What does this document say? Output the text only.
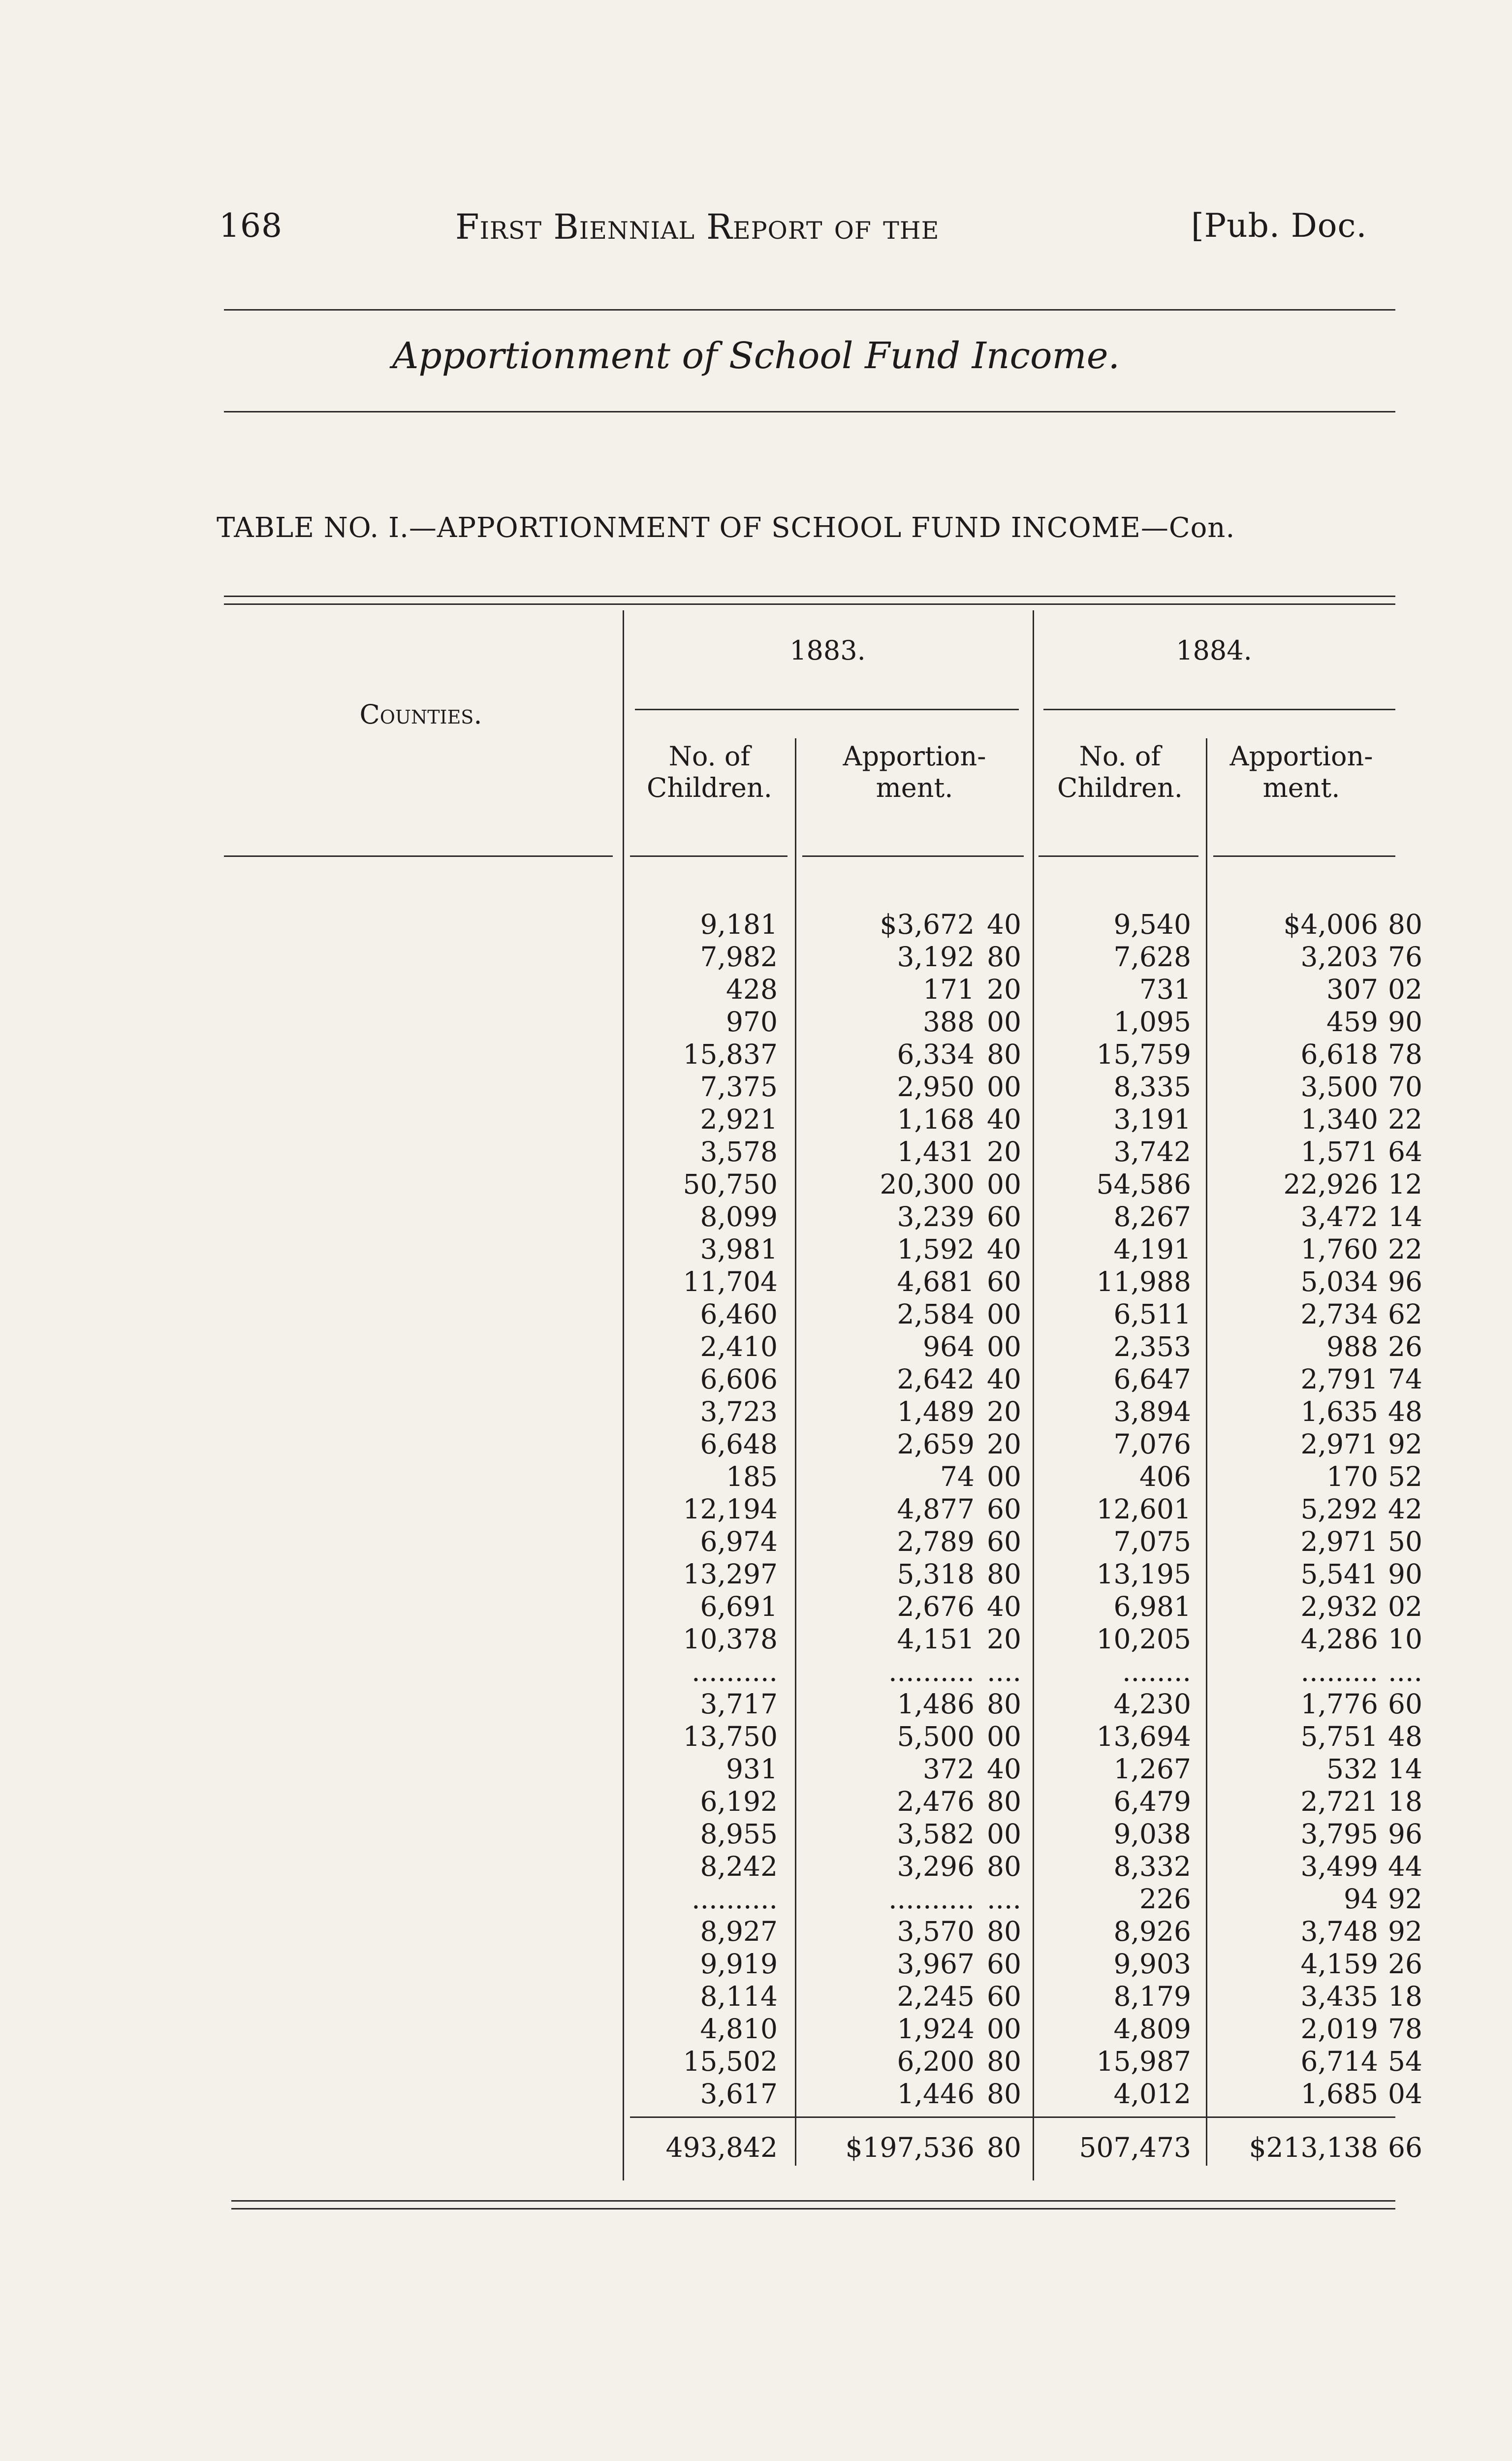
168	First Biennial Report of the	[Pub. Doc.
Apportionment of School Fund Income.
TABLE NO. I.—APPORTIONMENT OF SCHOOL FUND INCOME—Con.
1883.	1884.
Counties.
No. of
Children.
Apportion-
ment.
No. of
Children.
Apportion-
ment.
9,181	$3,672 40	9,540	$4,006 80
7,982	3,192 80	7,628	3,203 76
428	171 20	731	307 02
970	388 00	1,095	459 90
15,837	6,334 80	15,759	6,618 78
7,375	2,950 00	8,335	3,500 70
2,921	1,168 40	3,191	1,340 22
3,578	1,431 20	3,742	1,571 64
50,750	20,300 00	54,586	22,926 12
8,099	3,239 60	8,267	3,472 14
3,981	1,592 40	4,191	1,760 22
11,704	4,681 60	11,988	5,034 96
6,460	2,584 00	6,511	2,734 62
2,410	964 00	2,353	988 26
6,606	2,642 40	6,647	2,791 74
3,723	1,489 20	3,894	1,635 48
6,648	2,659 20	7,076	2,971 92
185	74 00	406	170 52
12,194	4,877 60	12,601	5,292 42
6,974	2,789 60	7,075	2,971 50
13,297	5,318 80	13,195	5,541 90
6,691	2,676 40	6,981	2,932 02
10,378	4,151 20	10,205	4,286 10
..........	.......... ....	........	......... ....
3,717	1,486 80	4,230	1,776 60
13,750	5,500 00	13,694	5,751 48
931	372 40	1,267	532 14
6,192	2,476 80	6,479	2,721 18
8,955	3,582 00	9,038	3,795 96
8,242	3,296 80	8,332	3,499 44
..........	.......... ....	226	94 92
8,927	3,570 80	8,926	3,748 92
9,919	3,967 60	9,903	4,159 26
8,114	2,245 60	8,179	3,435 18
4,810	1,924 00	4,809	2,019 78
15,502	6,200 80	15,987	6,714 54
3,617	1,446 80	4,012	1,685 04
493,842	$197,536 80	507,473	$213,138 66
